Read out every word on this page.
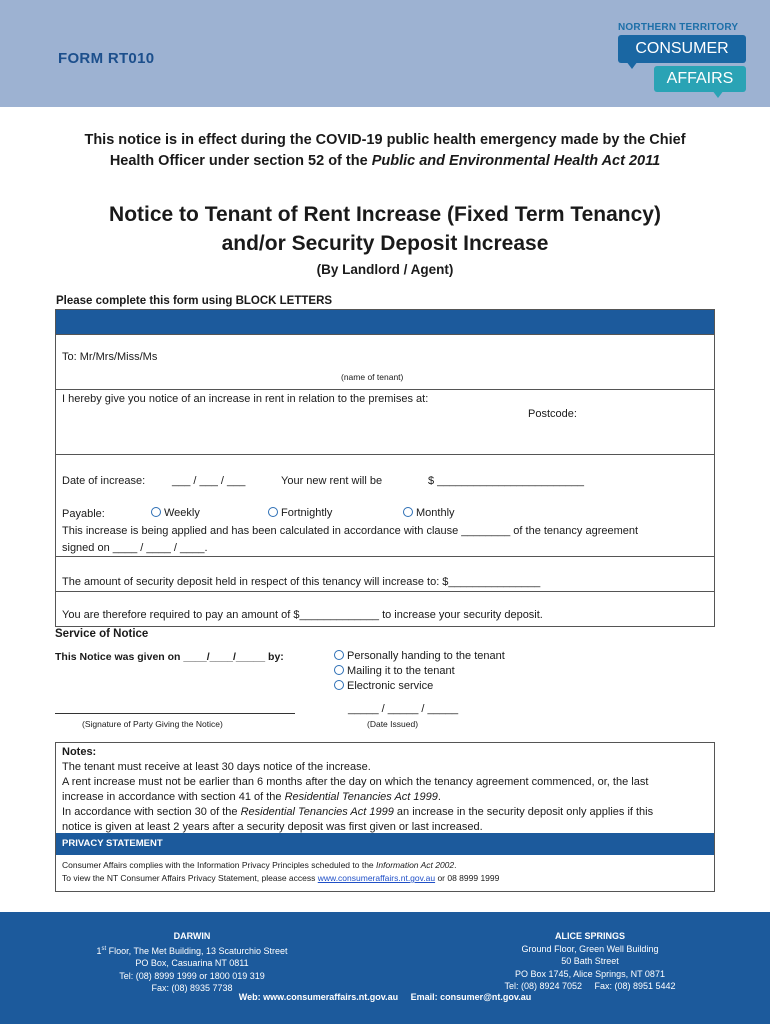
FORM RT010
NORTHERN TERRITORY
CONSUMER
AFFAIRS
This notice is in effect during the COVID-19 public health emergency made by the Chief
Health Officer under section 52 of the Public and Environmental Health Act 2011
Notice to Tenant of Rent Increase (Fixed Term Tenancy)
and/or Security Deposit Increase
(By Landlord / Agent)
Please complete this form using BLOCK LETTERS
To: Mr/Mrs/Miss/Ms
(name of tenant)
I hereby give you notice of an increase in rent in relation to the premises at:
Postcode:
Date of increase: ___ / ___ / ___	Your new rent will be	$ ________________________
Payable:	Weekly	Fortnightly	Monthly
This increase is being applied and has been calculated in accordance with clause ________ of the tenancy agreement
signed on ____ / ____ / ____.
The amount of security deposit held in respect of this tenancy will increase to: $_______________
You are therefore required to pay an amount of $_____________ to increase your security deposit.
Service of Notice
This Notice was given on ____/____/_____ by:	Personally handing to the tenant
Mailing it to the tenant
Electronic service
_____ / _____ / _____
(Signature of Party Giving the Notice)	(Date Issued)

Notes:

The tenant must receive at least 30 days notice of the increase.

A rent increase must not be earlier than 6 months after the day on which the tenancy agreement commenced, or, the last

increase in accordance with section 41 of the Residential Tenancies Act 1999.

In accordance with section 30 of the Residential Tenancies Act 1999 an increase in the security deposit only applies if this

notice is given at least 2 years after a security deposit was first given or last increased.

PRIVACY STATEMENT
Consumer Affairs complies with the Information Privacy Principles scheduled to the Information Act 2002.
To view the NT Consumer Affairs Privacy Statement, please access www.consumeraffairs.nt.gov.au or 08 8999 1999
DARWIN
1st Floor, The Met Building, 13 Scaturchio Street
PO Box, Casuarina NT 0811
Tel: (08) 8999 1999 or 1800 019 319
Fax: (08) 8935 7738
ALICE SPRINGS
Ground Floor, Green Well Building
50 Bath Street
PO Box 1745, Alice Springs, NT 0871
Tel: (08) 8924 7052     Fax: (08) 8951 5442
Web: www.consumeraffairs.nt.gov.au Email: consumer@nt.gov.au
